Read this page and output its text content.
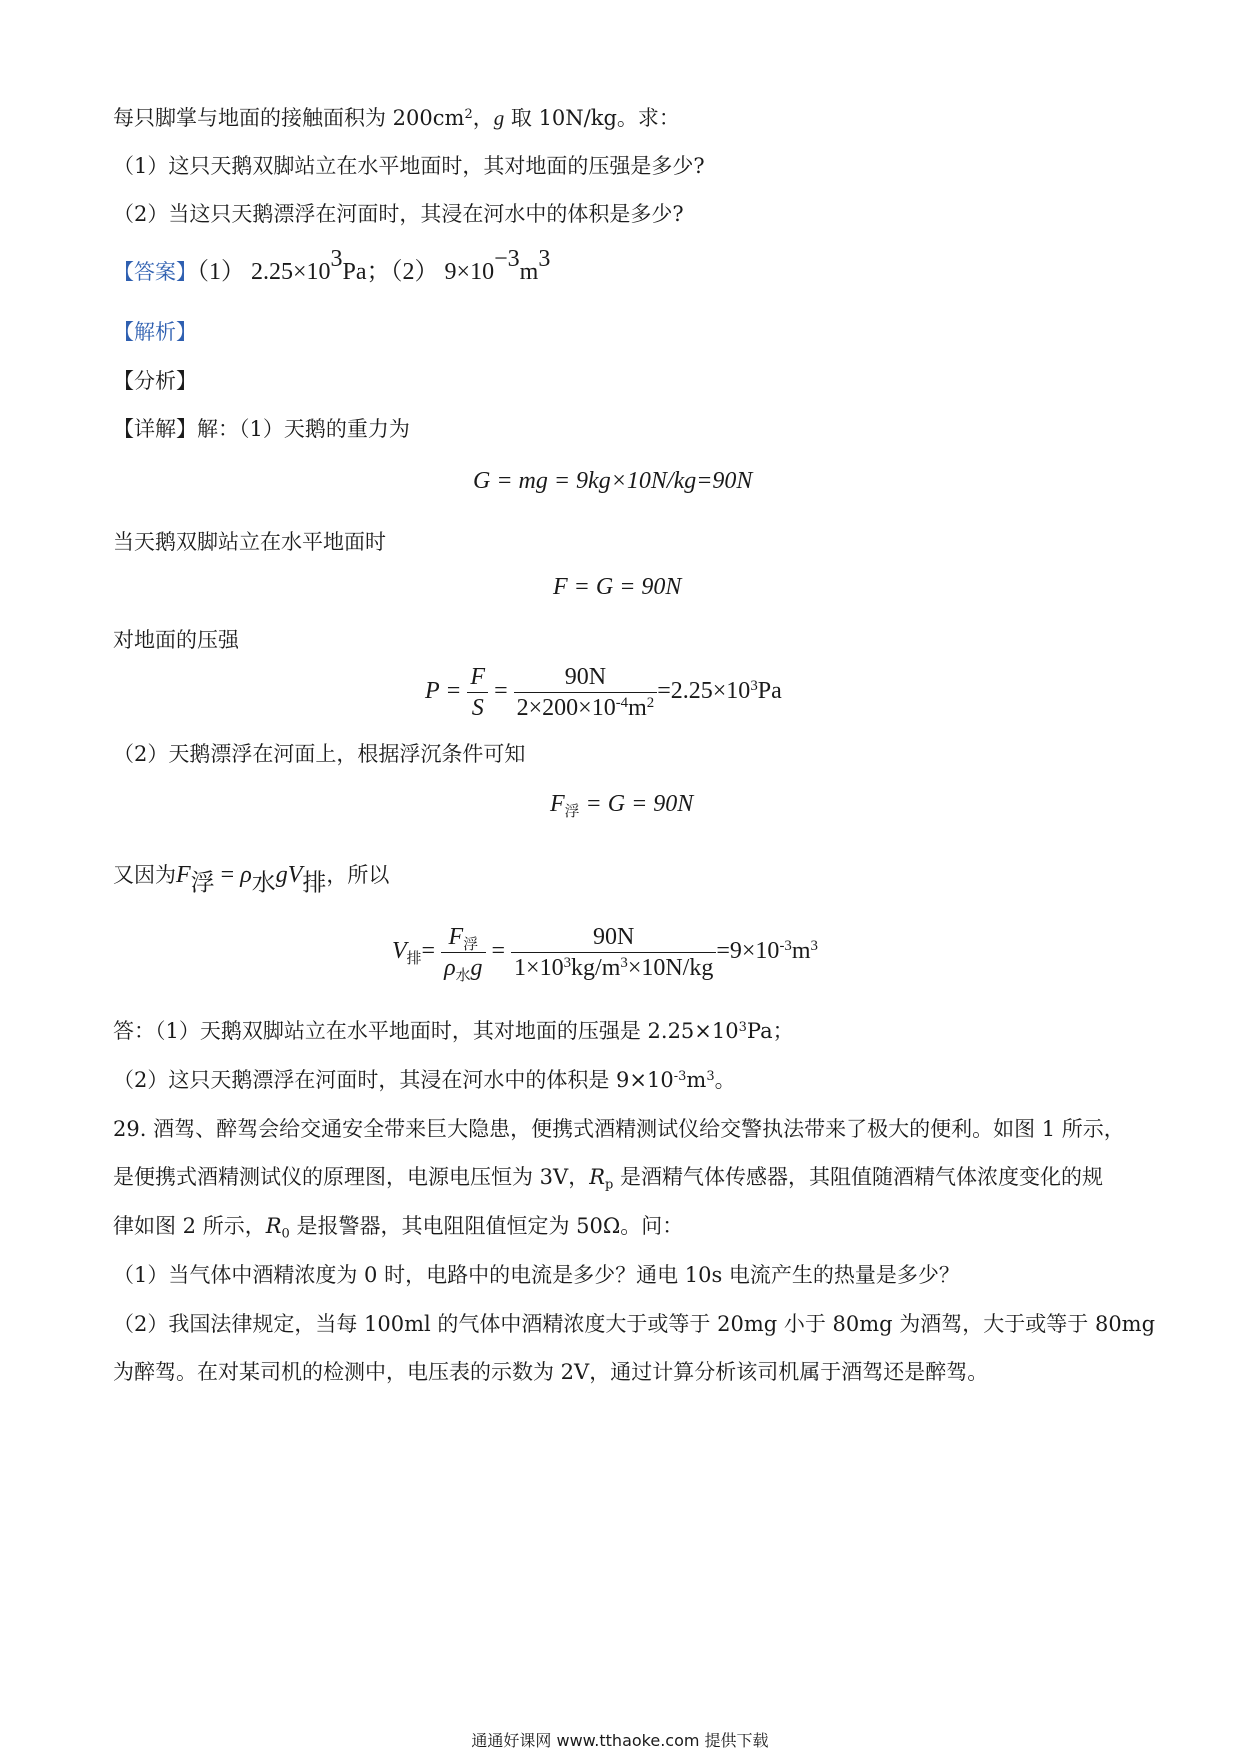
每只脚掌与地面的接触面积为 $200cm^2$，g 取 10N/kg。求：
（1）这只天鹅双脚站立在水平地面时，其对地面的压强是多少?
（2）当这只天鹅漂浮在河面时，其浸在河水中的体积是多少?
【答案】（1） $2.25\times 10^3Pa$；（2） $9\times 10^{-3}m^3$
【解析】
【分析】
【详解】解：（1）天鹅的重力为
G = mg = 9kg×10N/kg=90N
当天鹅双脚站立在水平地面时
F = G = 90N
对地面的压强
$P = \frac{F}{S} = \frac{90N}{2\times 200\times 10^{-4}m^2} =2.25\times 10^3Pa$
（2）天鹅漂浮在河面上，根据浮沉条件可知
$F_浮 = G = 90N$
又因为$F_浮 = \rho_水gV_排$，所以
$V_排= \frac{F_浮}{\rho_水g} = \frac{90N}{1\times 10^3kg/m^3\times 10N/kg} =9\times 10^{-3}m^3$
答：（1）天鹅双脚站立在水平地面时，其对地面的压强是 $2.25\times 10^3Pa$；
（2）这只天鹅漂浮在河面时，其浸在河水中的体积是 $9\times 10^{-3}m^3$。
29. 酒驾、醉驾会给交通安全带来巨大隐患，便携式酒精测试仪给交警执法带来了极大的便利。如图 1 所示，
是便携式酒精测试仪的原理图，电源电压恒为 3V，$R_p$ 是酒精气体传感器，其阻值随酒精气体浓度变化的规
律如图 2 所示，$R_0$ 是报警器，其电阻阻值恒定为 50Ω。问：
（1）当气体中酒精浓度为 0 时，电路中的电流是多少？通电 10s 电流产生的热量是多少？
（2）我国法律规定，当每 100ml 的气体中酒精浓度大于或等于 20mg 小于 80mg 为酒驾，大于或等于 80mg
为醉驾。在对某司机的检测中，电压表的示数为 2V，通过计算分析该司机属于酒驾还是醉驾。
通通好课网 www.tthaoke.com 提供下载
